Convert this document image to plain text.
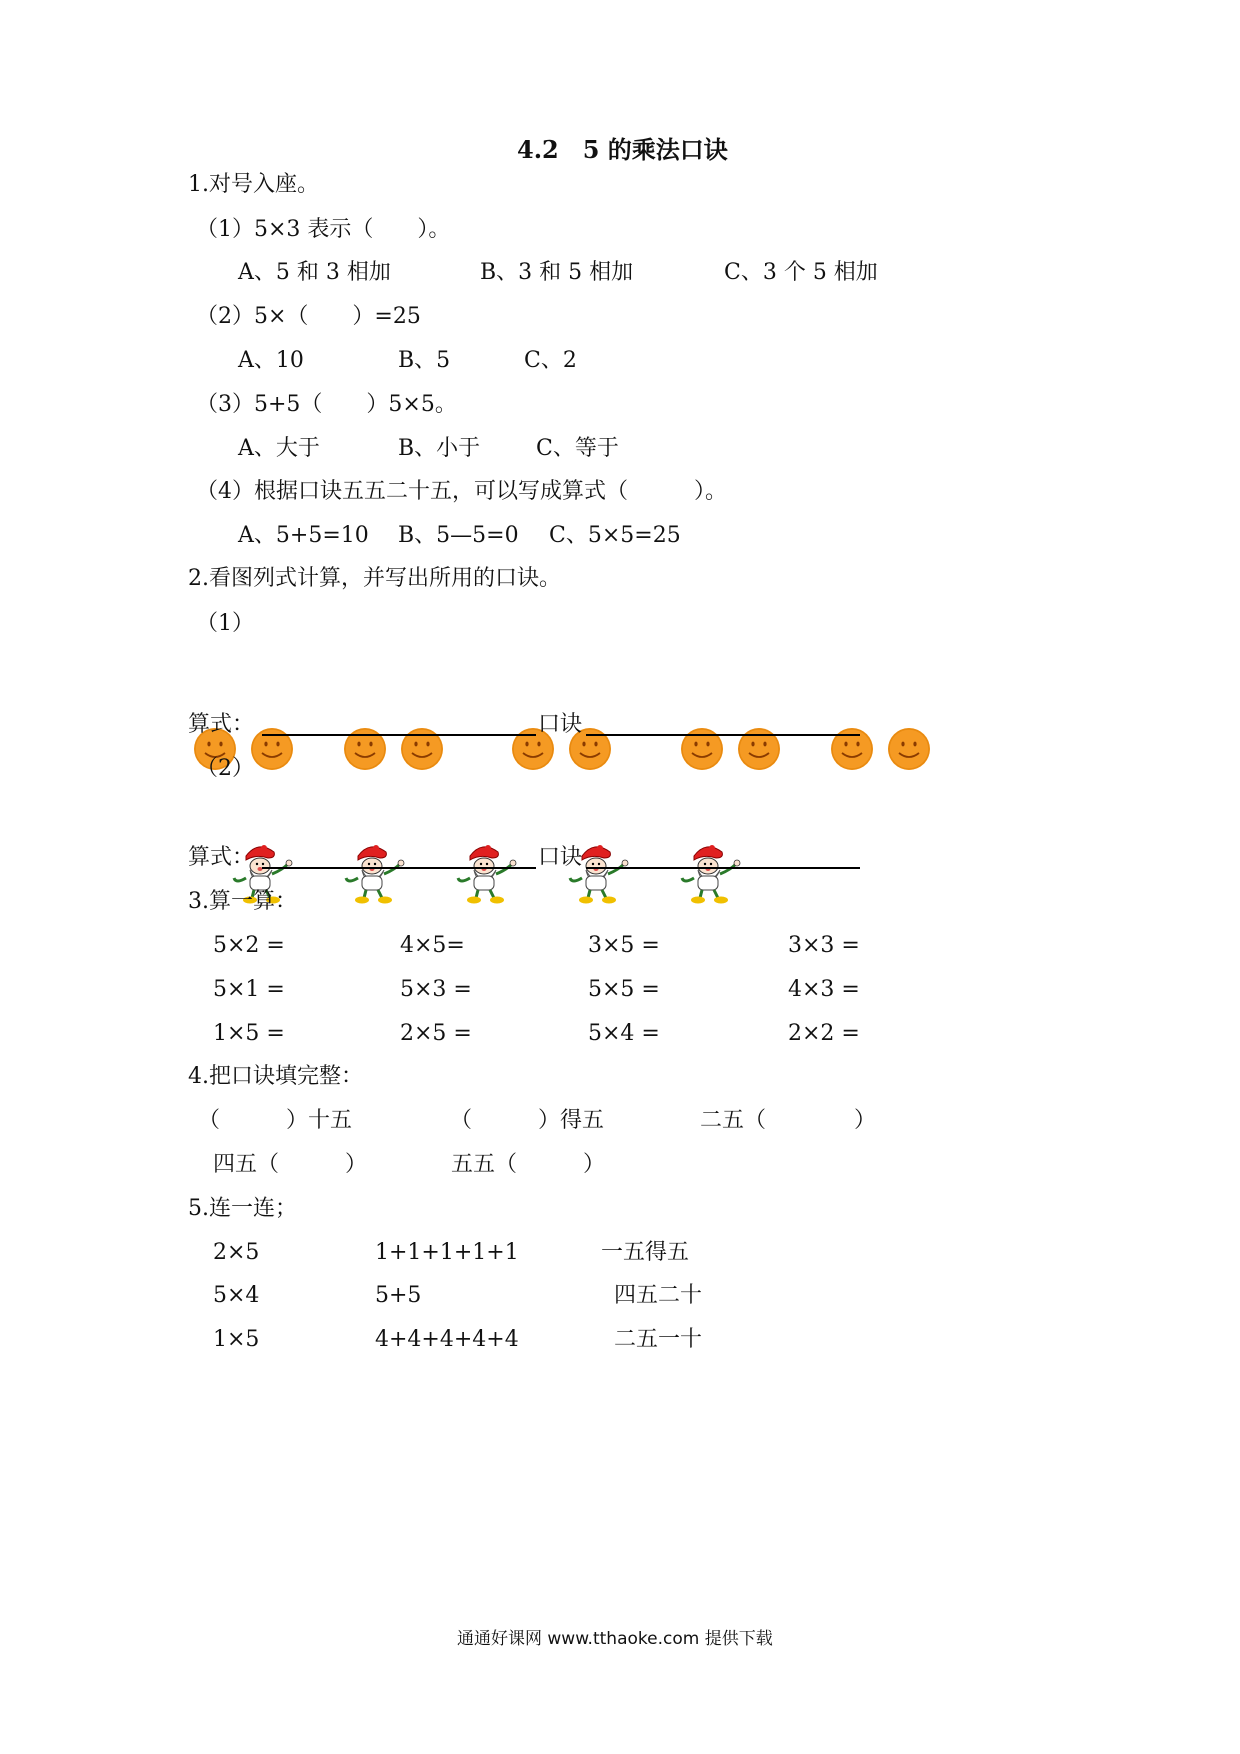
4.2　5 的乘法口诀
1.对号入座。
（1）5×3 表示（　　）。
A、5 和 3 相加	B、3 和 5 相加	C、3 个 5 相加
（2）5×（　　）=25
A、10	B、5	C、2
（3）5+5（　　）5×5。
A、大于	B、小于	C、等于
（4）根据口诀五五二十五，可以写成算式（　　　）。
A、5+5=10 B、5—5=0 C、5×5=25
2.看图列式计算，并写出所用的口诀。
（1）
算式：	口诀
（2）
算式：	口诀
3.算一算：
5×2 =	4×5=	3×5 =	3×3 =
5×1 =	5×3 =	5×5 =	4×3 =
1×5 =	2×5 =	5×4 =	2×2 =
4.把口诀填完整：
（　　　）十五	（　　　）得五	二五（　　　　）
四五（　　　）	五五（　　　）
5.连一连；
2×5	1+1+1+1+1	一五得五
5×4	5+5	四五二十
1×5	4+4+4+4+4	二五一十
通通好课网 www.tthaoke.com 提供下载
